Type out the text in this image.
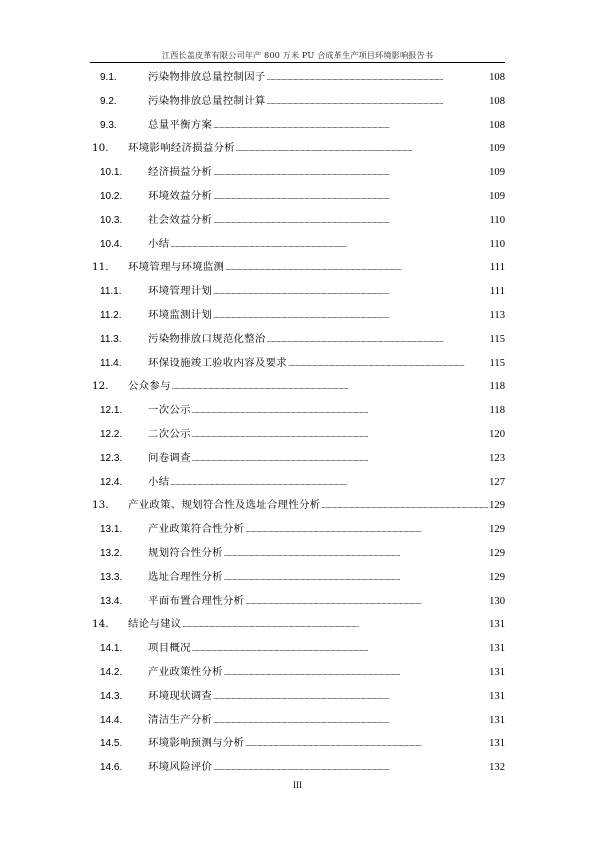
江西长盖皮革有限公司年产 800 万米 PU 合成革生产项目环境影响报告书
9.1.	污染物排放总量控制因子 . . .	108
9.2.	污染物排放总量控制计算 . . .	108
9.3.	总量平衡方案 . . .	108
10.	环境影响经济损益分析 . . .	109
10.1.	经济损益分析 . . .	109
10.2.	环境效益分析 . . .	109
10.3.	社会效益分析 . . .	110
10.4.	小结 . . .	110
11.	环境管理与环境监测 . . .	111
11.1.	环境管理计划 . . .	111
11.2.	环境监测计划 . . .	113
11.3.	污染物排放口规范化整治 . . .	115
11.4.	环保设施竣工验收内容及要求 . . .	115
12.	公众参与 . . .	118
12.1.	一次公示 . . .	118
12.2.	二次公示 . . .	120
12.3.	问卷调查 . . .	123
12.4.	小结 . . .	127
13.	产业政策、规划符合性及选址合理性分析 . . .	129
13.1.	产业政策符合性分析 . . .	129
13.2.	规划符合性分析 . . .	129
13.3.	选址合理性分析 . . .	129
13.4.	平面布置合理性分析 . . .	130
14.	结论与建议 . . .	131
14.1.	项目概况 . . .	131
14.2.	产业政策性分析 . . .	131
14.3.	环境现状调查 . . .	131
14.4.	清洁生产分析 . . .	131
14.5.	环境影响预测与分析 . . .	131
14.6.	环境风险评价 . . .	132
III
